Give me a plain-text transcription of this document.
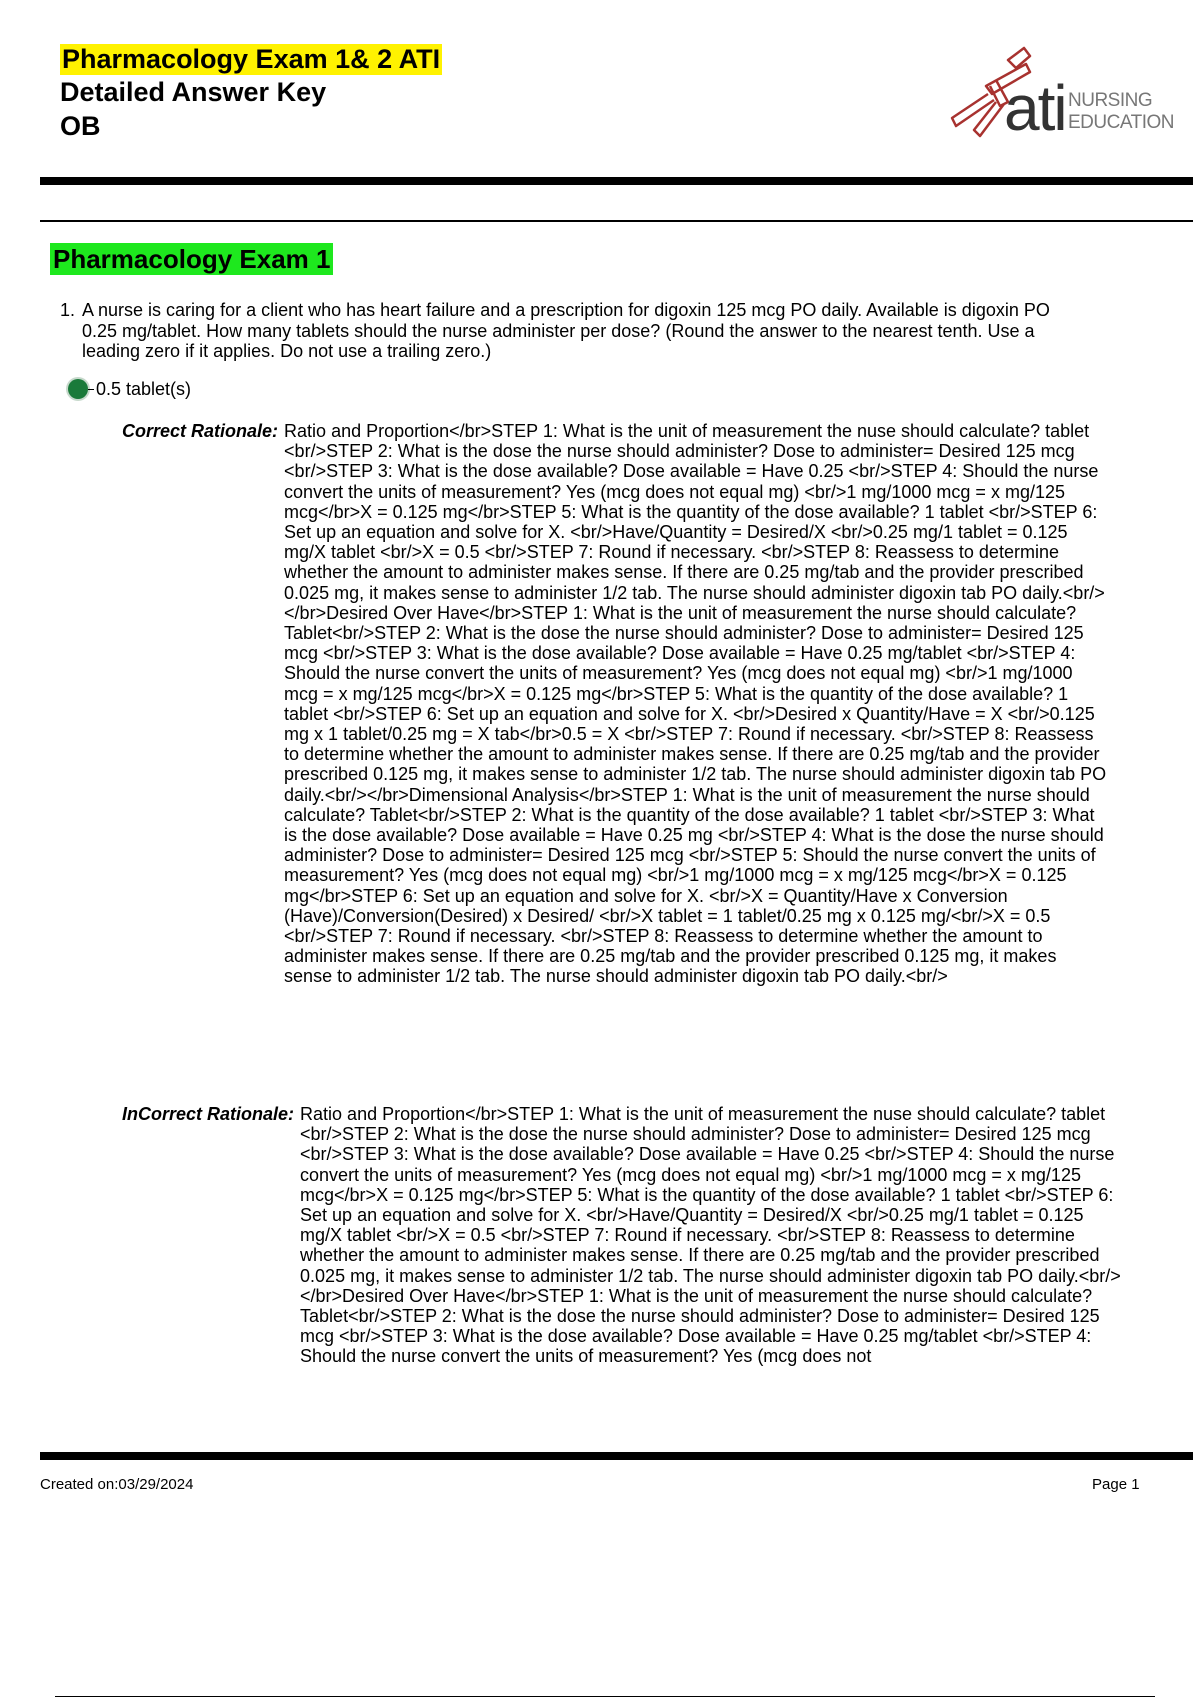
Pharmacology Exam 1& 2 ATI
Detailed Answer Key
OB	ati NURSING
EDUCATION
Pharmacology Exam 1
1. A nurse is caring for a client who has heart failure and a prescription for digoxin 125 mcg PO daily. Available is digoxin PO 0.25 mg/tablet. How many tablets should the nurse administer per dose? (Round the answer to the nearest tenth. Use a leading zero if it applies. Do not use a trailing zero.)
0.5 tablet(s)
Correct Rationale: Ratio and Proportion</br>STEP 1: What is the unit of measurement the nuse should calculate? tablet <br/>STEP 2: What is the dose the nurse should administer? Dose to administer= Desired 125 mcg <br/>STEP 3: What is the dose available? Dose available = Have 0.25 <br/>STEP 4: Should the nurse convert the units of measurement? Yes (mcg does not equal mg) <br/>1 mg/1000 mcg = x mg/125 mcg</br>X = 0.125 mg</br>STEP 5: What is the quantity of the dose available? 1 tablet <br/>STEP 6: Set up an equation and solve for X. <br/>Have/Quantity = Desired/X <br/>0.25 mg/1 tablet = 0.125 mg/X tablet <br/>X = 0.5 <br/>STEP 7: Round if necessary. <br/>STEP 8: Reassess to determine whether the amount to administer makes sense. If there are 0.25 mg/tab and the provider prescribed 0.025 mg, it makes sense to administer 1/2 tab. The nurse should administer digoxin tab PO daily.<br/></br>Desired Over Have</br>STEP 1: What is the unit of measurement the nurse should calculate? Tablet<br/>STEP 2: What is the dose the nurse should administer? Dose to administer= Desired 125 mcg <br/>STEP 3: What is the dose available? Dose available = Have 0.25 mg/tablet <br/>STEP 4: Should the nurse convert the units of measurement? Yes (mcg does not equal mg) <br/>1 mg/1000 mcg = x mg/125 mcg</br>X = 0.125 mg</br>STEP 5: What is the quantity of the dose available? 1 tablet <br/>STEP 6: Set up an equation and solve for X. <br/>Desired x Quantity/Have = X <br/>0.125 mg x 1 tablet/0.25 mg = X tab</br>0.5 = X <br/>STEP 7: Round if necessary. <br/>STEP 8: Reassess to determine whether the amount to administer makes sense. If there are 0.25 mg/tab and the provider prescribed 0.125 mg, it makes sense to administer 1/2 tab. The nurse should administer digoxin tab PO daily.<br/></br>Dimensional Analysis</br>STEP 1: What is the unit of measurement the nurse should calculate? Tablet<br/>STEP 2: What is the quantity of the dose available? 1 tablet <br/>STEP 3: What is the dose available? Dose available = Have 0.25 mg <br/>STEP 4: What is the dose the nurse should administer? Dose to administer= Desired 125 mcg <br/>STEP 5: Should the nurse convert the units of measurement? Yes (mcg does not equal mg) <br/>1 mg/1000 mcg = x mg/125 mcg</br>X = 0.125 mg</br>STEP 6: Set up an equation and solve for X. <br/>X = Quantity/Have x Conversion (Have)/Conversion(Desired) x Desired/ <br/>X tablet = 1 tablet/0.25 mg x 0.125 mg/<br/>X = 0.5 <br/>STEP 7: Round if necessary. <br/>STEP 8: Reassess to determine whether the amount to administer makes sense. If there are 0.25 mg/tab and the provider prescribed 0.125 mg, it makes sense to administer 1/2 tab. The nurse should administer digoxin tab PO daily.<br/>
InCorrect Rationale: Ratio and Proportion</br>STEP 1: What is the unit of measurement the nuse should calculate? tablet <br/>STEP 2: What is the dose the nurse should administer? Dose to administer= Desired 125 mcg <br/>STEP 3: What is the dose available? Dose available = Have 0.25 <br/>STEP 4: Should the nurse convert the units of measurement? Yes (mcg does not equal mg) <br/>1 mg/1000 mcg = x mg/125 mcg</br>X = 0.125 mg</br>STEP 5: What is the quantity of the dose available? 1 tablet <br/>STEP 6: Set up an equation and solve for X. <br/>Have/Quantity = Desired/X <br/>0.25 mg/1 tablet = 0.125 mg/X tablet <br/>X = 0.5 <br/>STEP 7: Round if necessary. <br/>STEP 8: Reassess to determine whether the amount to administer makes sense. If there are 0.25 mg/tab and the provider prescribed 0.025 mg, it makes sense to administer 1/2 tab. The nurse should administer digoxin tab PO daily.<br/></br>Desired Over Have</br>STEP 1: What is the unit of measurement the nurse should calculate? Tablet<br/>STEP 2: What is the dose the nurse should administer? Dose to administer= Desired 125 mcg <br/>STEP 3: What is the dose available? Dose available = Have 0.25 mg/tablet <br/>STEP 4: Should the nurse convert the units of measurement? Yes (mcg does not
Created on:03/29/2024	Page 1
